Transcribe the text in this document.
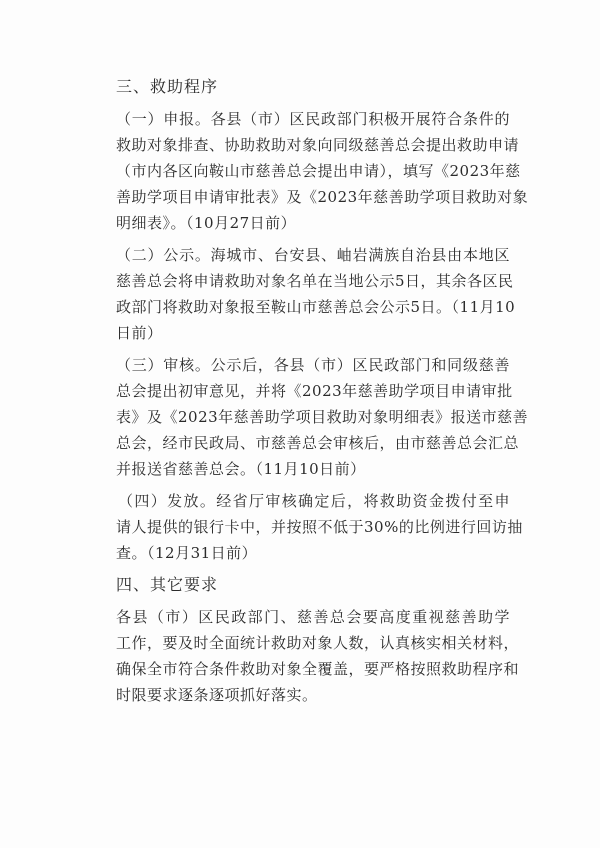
三、救助程序
（一）申报。各县（市）区民政部门积极开展符合条件的
救助对象排查、协助救助对象向同级慈善总会提出救助申请
（市内各区向鞍山市慈善总会提出申请），填写《2023年慈
善助学项目申请审批表》及《2023年慈善助学项目救助对象
明细表》。（10月27日前）
（二）公示。海城市、台安县、岫岩满族自治县由本地区
慈善总会将申请救助对象名单在当地公示5日，其余各区民
政部门将救助对象报至鞍山市慈善总会公示5日。（11月10
日前）
（三）审核。公示后，各县（市）区民政部门和同级慈善
总会提出初审意见，并将《2023年慈善助学项目申请审批
表》及《2023年慈善助学项目救助对象明细表》报送市慈善
总会，经市民政局、市慈善总会审核后，由市慈善总会汇总
并报送省慈善总会。（11月10日前）
（四）发放。经省厅审核确定后，将救助资金拨付至申
请人提供的银行卡中，并按照不低于30%的比例进行回访抽
查。（12月31日前）
四、其它要求
各县（市）区民政部门、慈善总会要高度重视慈善助学
工作，要及时全面统计救助对象人数，认真核实相关材料，
确保全市符合条件救助对象全覆盖，要严格按照救助程序和
时限要求逐条逐项抓好落实。
